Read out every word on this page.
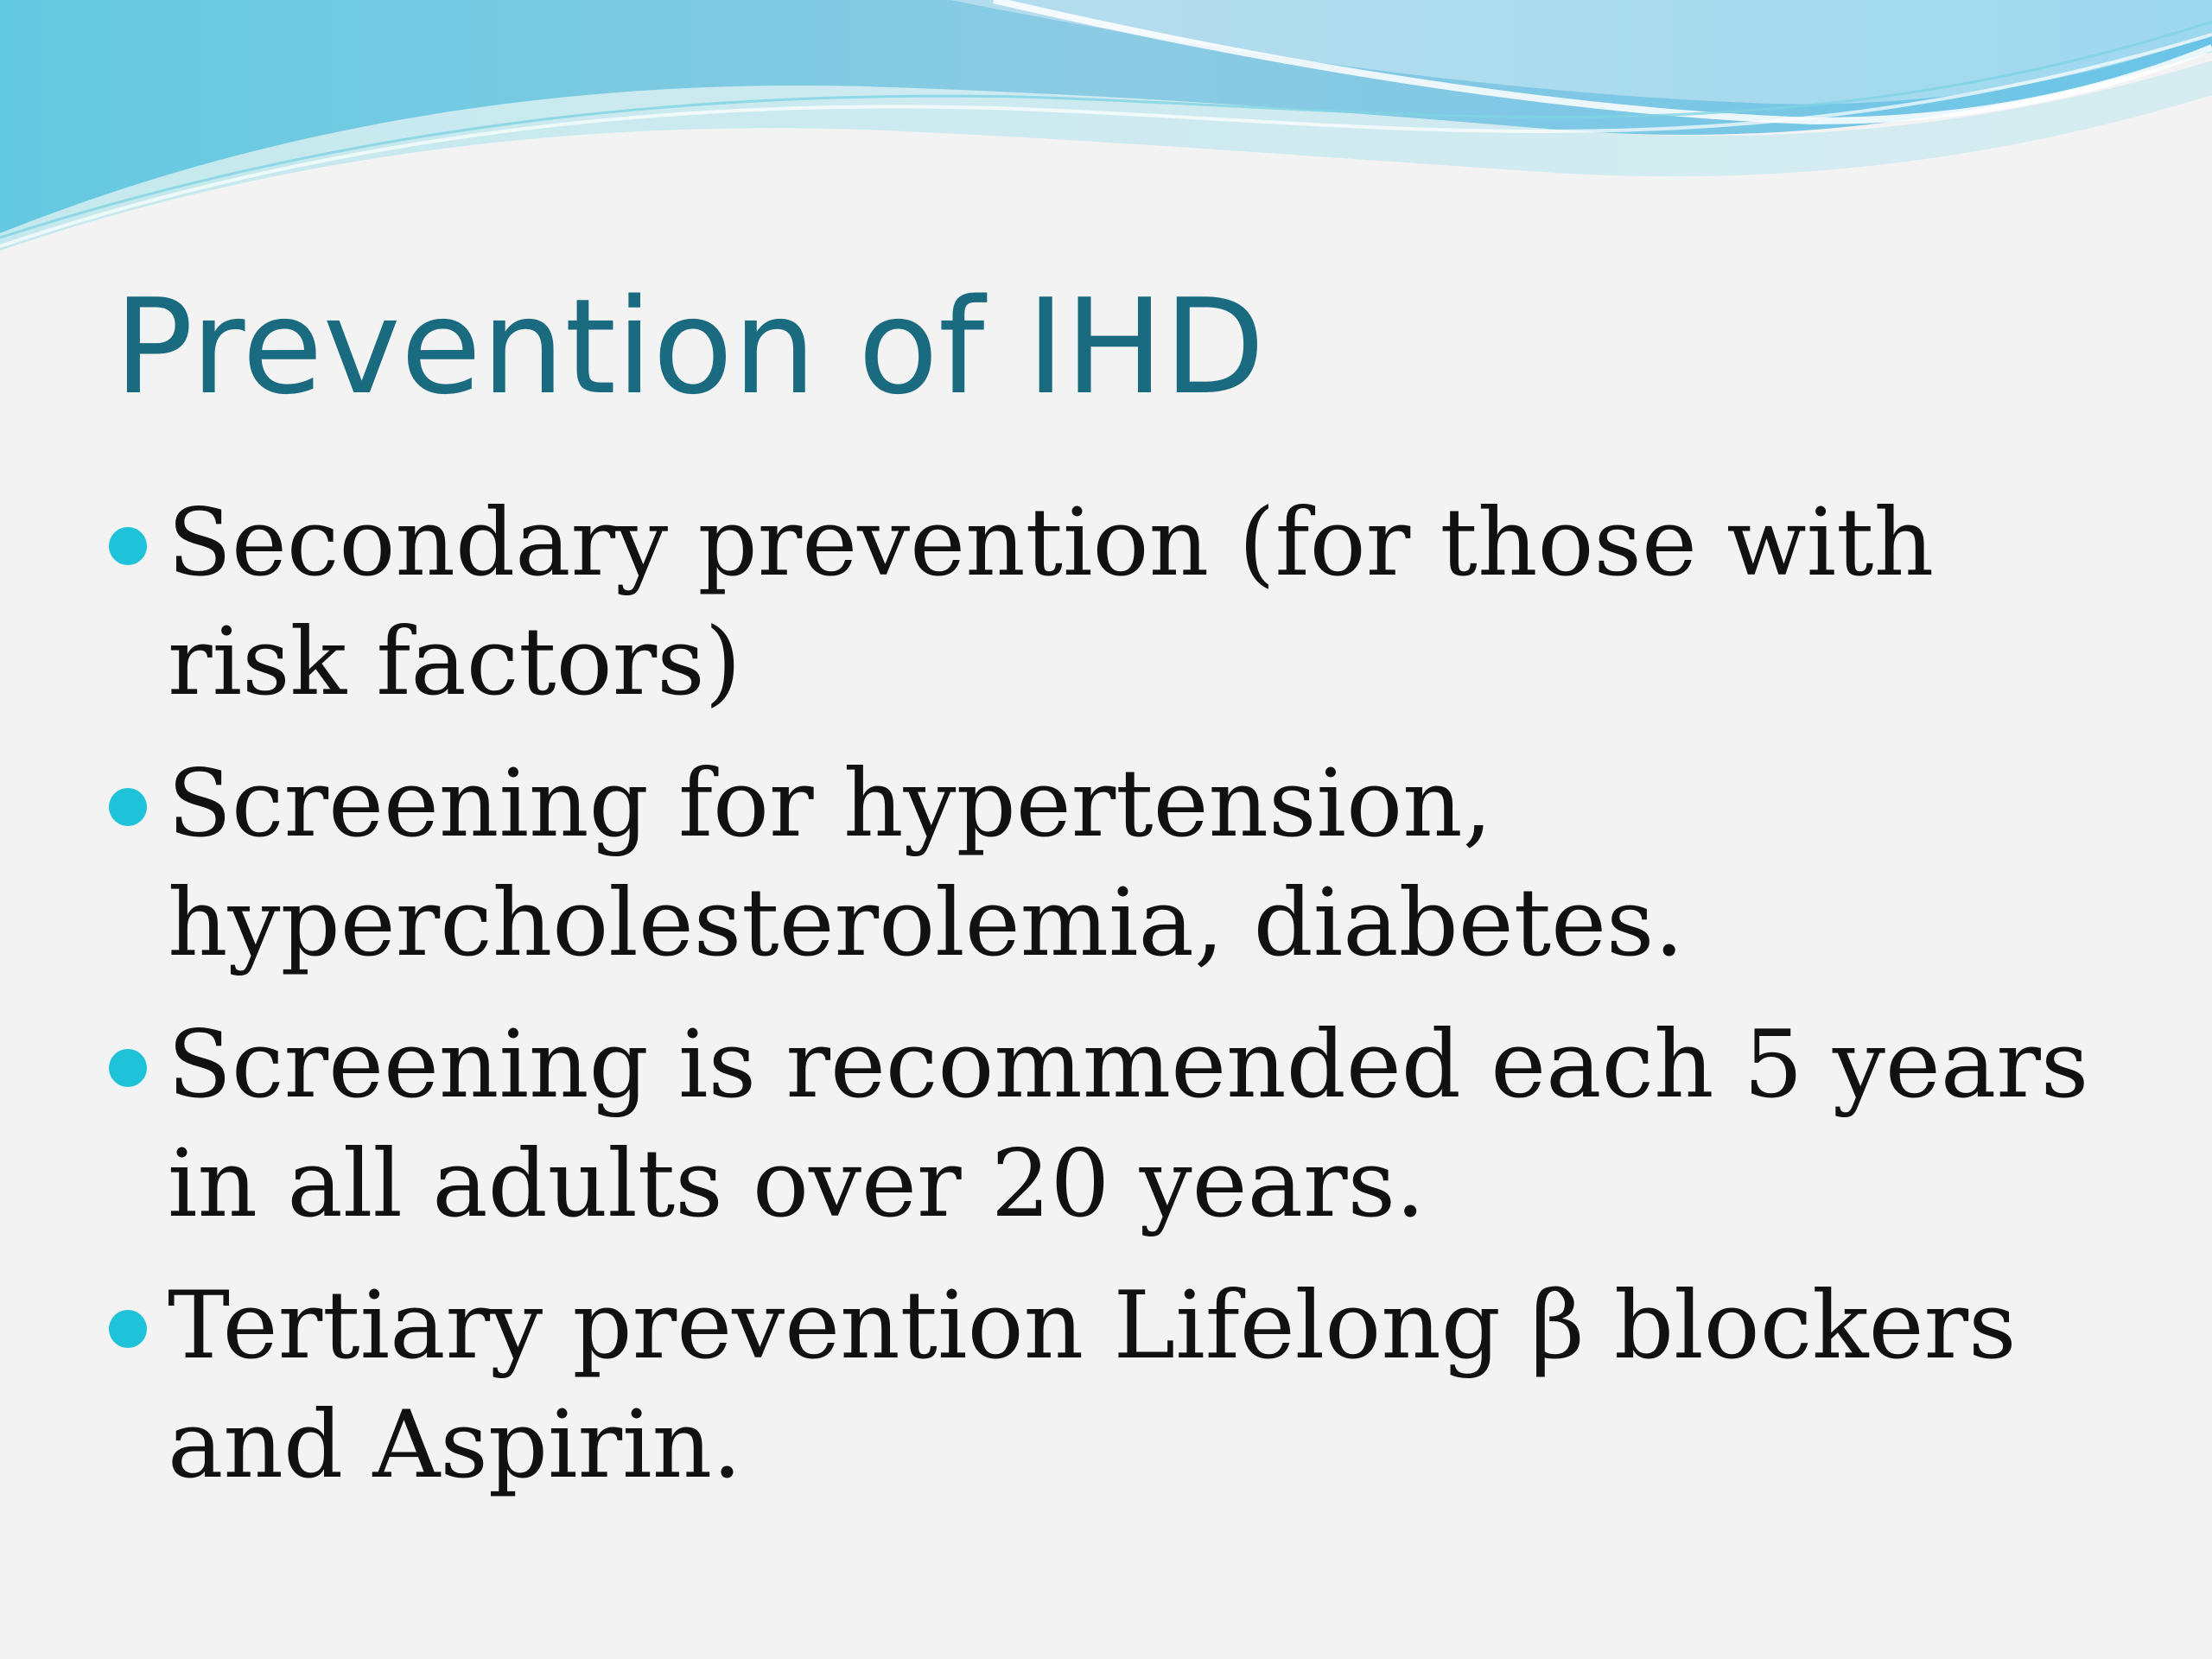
Prevention of IHD
Secondary prevention (for those with risk factors)
Screening for hypertension, hypercholesterolemia, diabetes.
Screening is recommended each 5 years in all adults over 20 years.
Tertiary prevention Lifelong β blockers and Aspirin.
